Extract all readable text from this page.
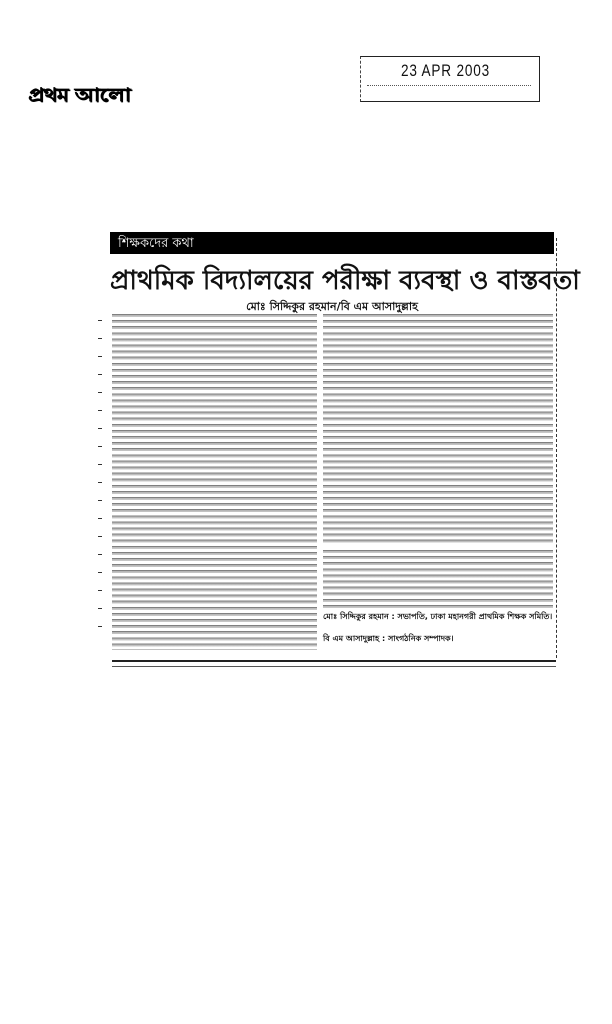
প্রথম আলো
23 APR 2003
শিক্ষকদের কথা
প্রাথমিক বিদ্যালয়ের পরীক্ষা ব্যবস্থা ও বাস্তবতা
মোঃ সিদ্দিকুর রহমান/বি এম আসাদুল্লাহ
মোঃ সিদ্দিকুর রহমান : সভাপতি, ঢাকা মহানগরী প্রাথমিক শিক্ষক সমিতি।
বি এম আসাদুল্লাহ : সাংগঠনিক সম্পাদক।
